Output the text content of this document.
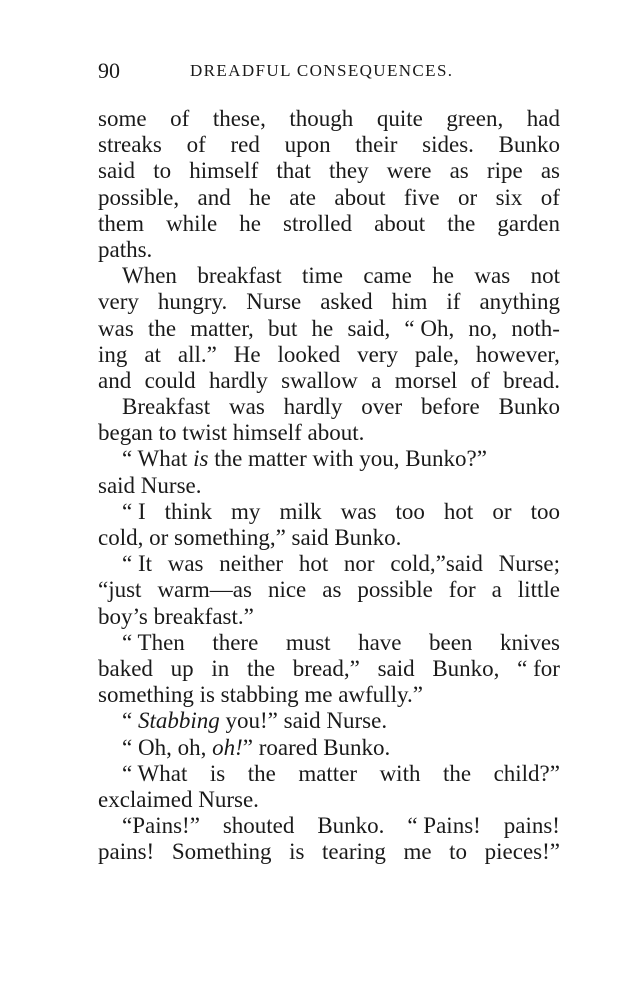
90	DREADFUL CONSEQUENCES.
some of these, though quite green, had
streaks of red upon their sides. Bunko
said to himself that they were as ripe as
possible, and he ate about five or six of
them while he strolled about the garden
paths.
When breakfast time came he was not
very hungry. Nurse asked him if anything
was the matter, but he said, “ Oh, no, noth-
ing at all.” He looked very pale, however,
and could hardly swallow a morsel of bread.
Breakfast was hardly over before Bunko
began to twist himself about.
“ What is the matter with you, Bunko?”
said Nurse.
“ I think my milk was too hot or too
cold, or something,” said Bunko.
“ It was neither hot nor cold,”said Nurse;
“just warm—as nice as possible for a little
boy’s breakfast.”
“ Then there must have been knives
baked up in the bread,” said Bunko, “ for
something is stabbing me awfully.”
“ Stabbing you!” said Nurse.
“ Oh, oh, oh!” roared Bunko.
“ What is the matter with the child?”
exclaimed Nurse.
“Pains!” shouted Bunko. “ Pains! pains!
pains! Something is tearing me to pieces!”
